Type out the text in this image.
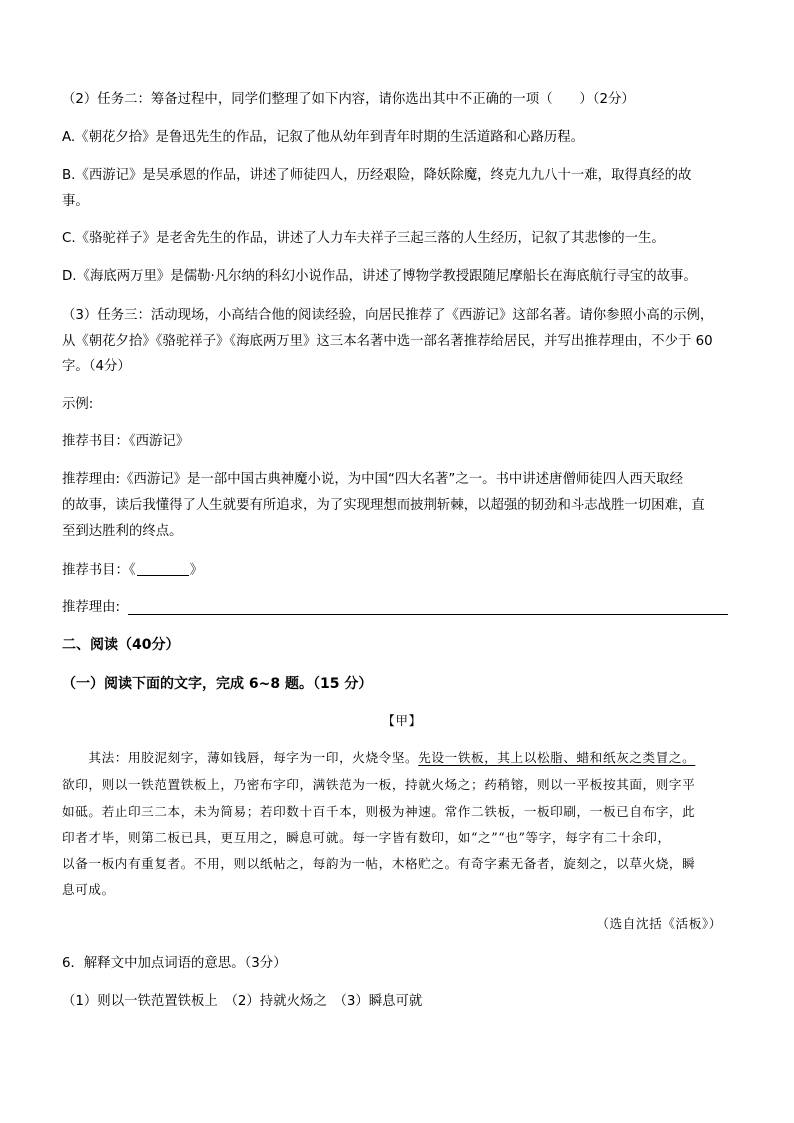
（2）任务二：筹备过程中，同学们整理了如下内容，请你选出其中不正确的一项（　　）（2分）
A.《朝花夕拾》是鲁迅先生的作品，记叙了他从幼年到青年时期的生活道路和心路历程。
B.《西游记》是吴承恩的作品，讲述了师徒四人，历经艰险，降妖除魔，终克九九八十一难，取得真经的故
事。
C.《骆驼祥子》是老舍先生的作品，讲述了人力车夫祥子三起三落的人生经历，记叙了其悲惨的一生。
D.《海底两万里》是儒勒·凡尔纳的科幻小说作品，讲述了博物学教授跟随尼摩船长在海底航行寻宝的故事。
（3）任务三：活动现场，小高结合他的阅读经验，向居民推荐了《西游记》这部名著。请你参照小高的示例，
从《朝花夕拾》《骆驼祥子》《海底两万里》这三本名著中选一部名著推荐给居民，并写出推荐理由，不少于 60
字。（4分）
示例:
推荐书目：《西游记》
推荐理由:《西游记》是一部中国古典神魔小说，为中国“四大名著”之一。书中讲述唐僧师徒四人西天取经
的故事，读后我懂得了人生就要有所追求，为了实现理想而披荆斩棘，以超强的韧劲和斗志战胜一切困难，直
至到达胜利的终点。
推荐书目：《	》
推荐理由:
二、阅读（40分）
（一）阅读下面的文字，完成 6~8 题。（15 分）
【甲】
　　其法：用胶泥刻字，薄如钱唇，每字为一印，火烧令坚。先设一铁板，其上以松脂、蜡和纸灰之类冒之。
欲印，则以一铁范置铁板上，乃密布字印，满铁范为一板，持就火炀之；药稍镕，则以一平板按其面，则字平
如砥。若止印三二本，未为简易；若印数十百千本，则极为神速。常作二铁板，一板印刷，一板已自布字，此
印者才毕，则第二板已具，更互用之，瞬息可就。每一字皆有数印，如“之”“也”等字，每字有二十余印，
以备一板内有重复者。不用，则以纸帖之，每韵为一帖，木格贮之。有奇字素无备者，旋刻之，以草火烧，瞬
息可成。
（选自沈括《活板》）
6．解释文中加点词语的意思。（3分）
（1）则以一铁范置铁板上　（2）持就火炀之　（3）瞬息可就
